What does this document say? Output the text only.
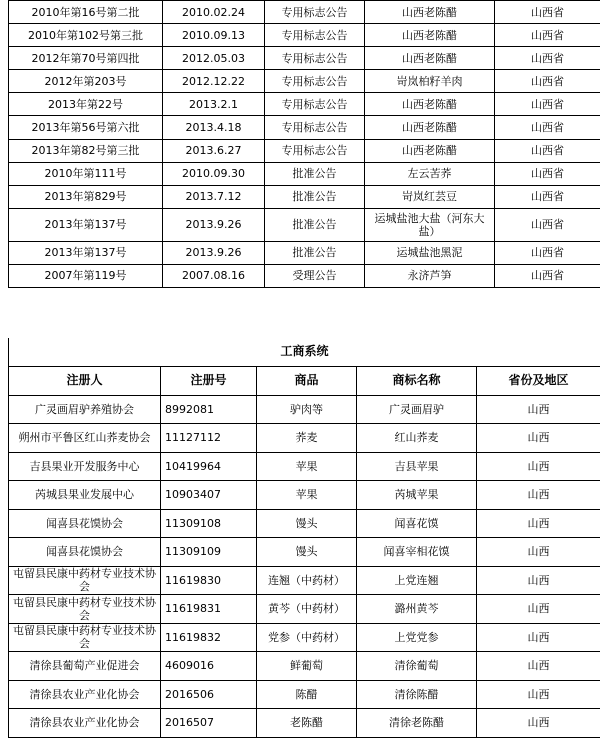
2010年第16号第二批	2010.02.24	专用标志公告	山西老陈醋	山西省
2010年第102号第三批	2010.09.13	专用标志公告	山西老陈醋	山西省
2012年第70号第四批	2012.05.03	专用标志公告	山西老陈醋	山西省
2012年第203号	2012.12.22	专用标志公告	岢岚柏籽羊肉	山西省
2013年第22号	2013.2.1	专用标志公告	山西老陈醋	山西省
2013年第56号第六批	2013.4.18	专用标志公告	山西老陈醋	山西省
2013年第82号第三批	2013.6.27	专用标志公告	山西老陈醋	山西省
2010年第111号	2010.09.30	批准公告	左云苦荞	山西省
2013年第829号	2013.7.12	批准公告	岢岚红芸豆	山西省
2013年第137号	2013.9.26	批准公告	运城盐池大盐（河东大盐）	山西省
2013年第137号	2013.9.26	批准公告	运城盐池黑泥	山西省
2007年第119号	2007.08.16	受理公告	永济芦笋	山西省
工商系统				
注册人	注册号	商品	商标名称	省份及地区
广灵画眉驴养殖协会	8992081	驴肉等	广灵画眉驴	山西
朔州市平鲁区红山荞麦协会	11127112	荞麦	红山荞麦	山西
吉县果业开发服务中心	10419964	苹果	吉县苹果	山西
芮城县果业发展中心	10903407	苹果	芮城苹果	山西
闻喜县花馍协会	11309108	馒头	闻喜花馍	山西
闻喜县花馍协会	11309109	馒头	闻喜宰相花馍	山西
屯留县民康中药材专业技术协会	11619830	连翘（中药材）	上党连翘	山西
屯留县民康中药材专业技术协会	11619831	黄芩（中药材）	潞州黄芩	山西
屯留县民康中药材专业技术协会	11619832	党参（中药材）	上党党参	山西
清徐县葡萄产业促进会	4609016	鲜葡萄	清徐葡萄	山西
清徐县农业产业化协会	2016506	陈醋	清徐陈醋	山西
清徐县农业产业化协会	2016507	老陈醋	清徐老陈醋	山西
